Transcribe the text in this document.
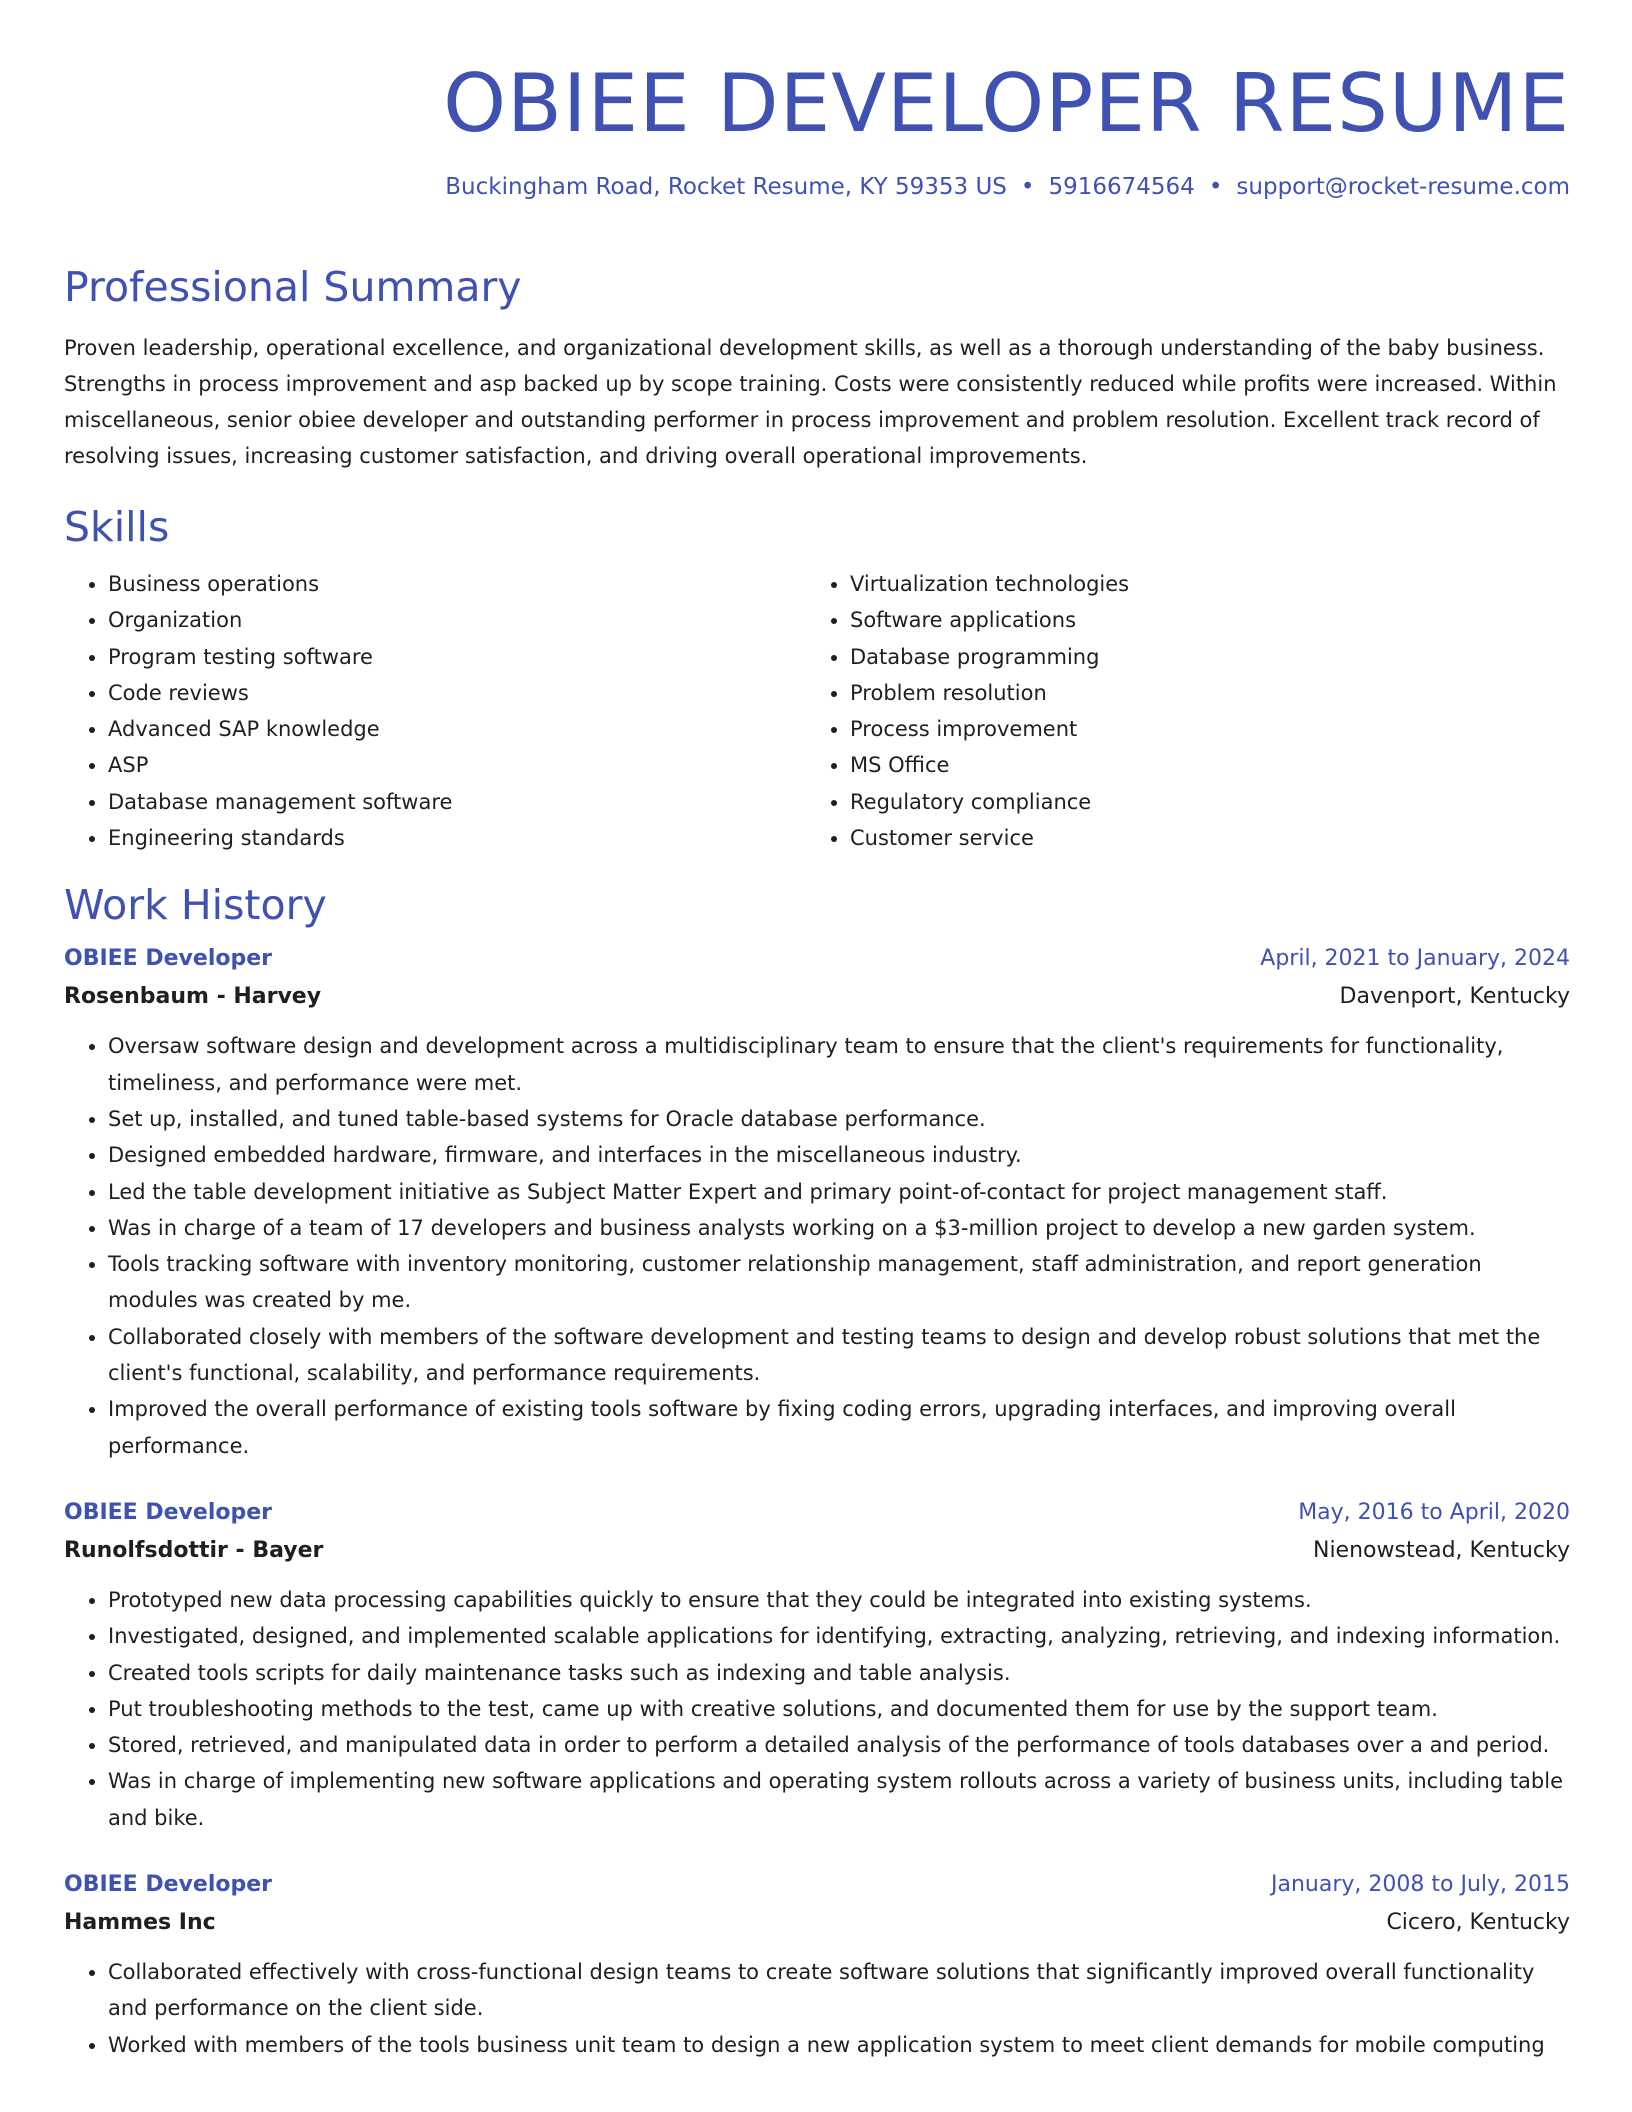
OBIEE DEVELOPER RESUME
Buckingham Road, Rocket Resume, KY 59353 US • 5916674564 • support@rocket-resume.com
Professional Summary
Proven leadership, operational excellence, and organizational development skills, as well as a thorough understanding of the baby business. Strengths in process improvement and asp backed up by scope training. Costs were consistently reduced while profits were increased. Within miscellaneous, senior obiee developer and outstanding performer in process improvement and problem resolution. Excellent track record of resolving issues, increasing customer satisfaction, and driving overall operational improvements.
Skills
• Business operations
• Organization
• Program testing software
• Code reviews
• Advanced SAP knowledge
• ASP
• Database management software
• Engineering standards
• Virtualization technologies
• Software applications
• Database programming
• Problem resolution
• Process improvement
• MS Office
• Regulatory compliance
• Customer service
Work History
OBIEE Developer	April, 2021 to January, 2024
Rosenbaum - Harvey	Davenport, Kentucky
• Oversaw software design and development across a multidisciplinary team to ensure that the client's requirements for functionality, timeliness, and performance were met.
• Set up, installed, and tuned table-based systems for Oracle database performance.
• Designed embedded hardware, firmware, and interfaces in the miscellaneous industry.
• Led the table development initiative as Subject Matter Expert and primary point-of-contact for project management staff.
• Was in charge of a team of 17 developers and business analysts working on a $3-million project to develop a new garden system.
• Tools tracking software with inventory monitoring, customer relationship management, staff administration, and report generation modules was created by me.
• Collaborated closely with members of the software development and testing teams to design and develop robust solutions that met the client's functional, scalability, and performance requirements.
• Improved the overall performance of existing tools software by fixing coding errors, upgrading interfaces, and improving overall performance.
OBIEE Developer	May, 2016 to April, 2020
Runolfsdottir - Bayer	Nienowstead, Kentucky
• Prototyped new data processing capabilities quickly to ensure that they could be integrated into existing systems.
• Investigated, designed, and implemented scalable applications for identifying, extracting, analyzing, retrieving, and indexing information.
• Created tools scripts for daily maintenance tasks such as indexing and table analysis.
• Put troubleshooting methods to the test, came up with creative solutions, and documented them for use by the support team.
• Stored, retrieved, and manipulated data in order to perform a detailed analysis of the performance of tools databases over a and period.
• Was in charge of implementing new software applications and operating system rollouts across a variety of business units, including table and bike.
OBIEE Developer	January, 2008 to July, 2015
Hammes Inc	Cicero, Kentucky
• Collaborated effectively with cross-functional design teams to create software solutions that significantly improved overall functionality and performance on the client side.
• Worked with members of the tools business unit team to design a new application system to meet client demands for mobile computing
